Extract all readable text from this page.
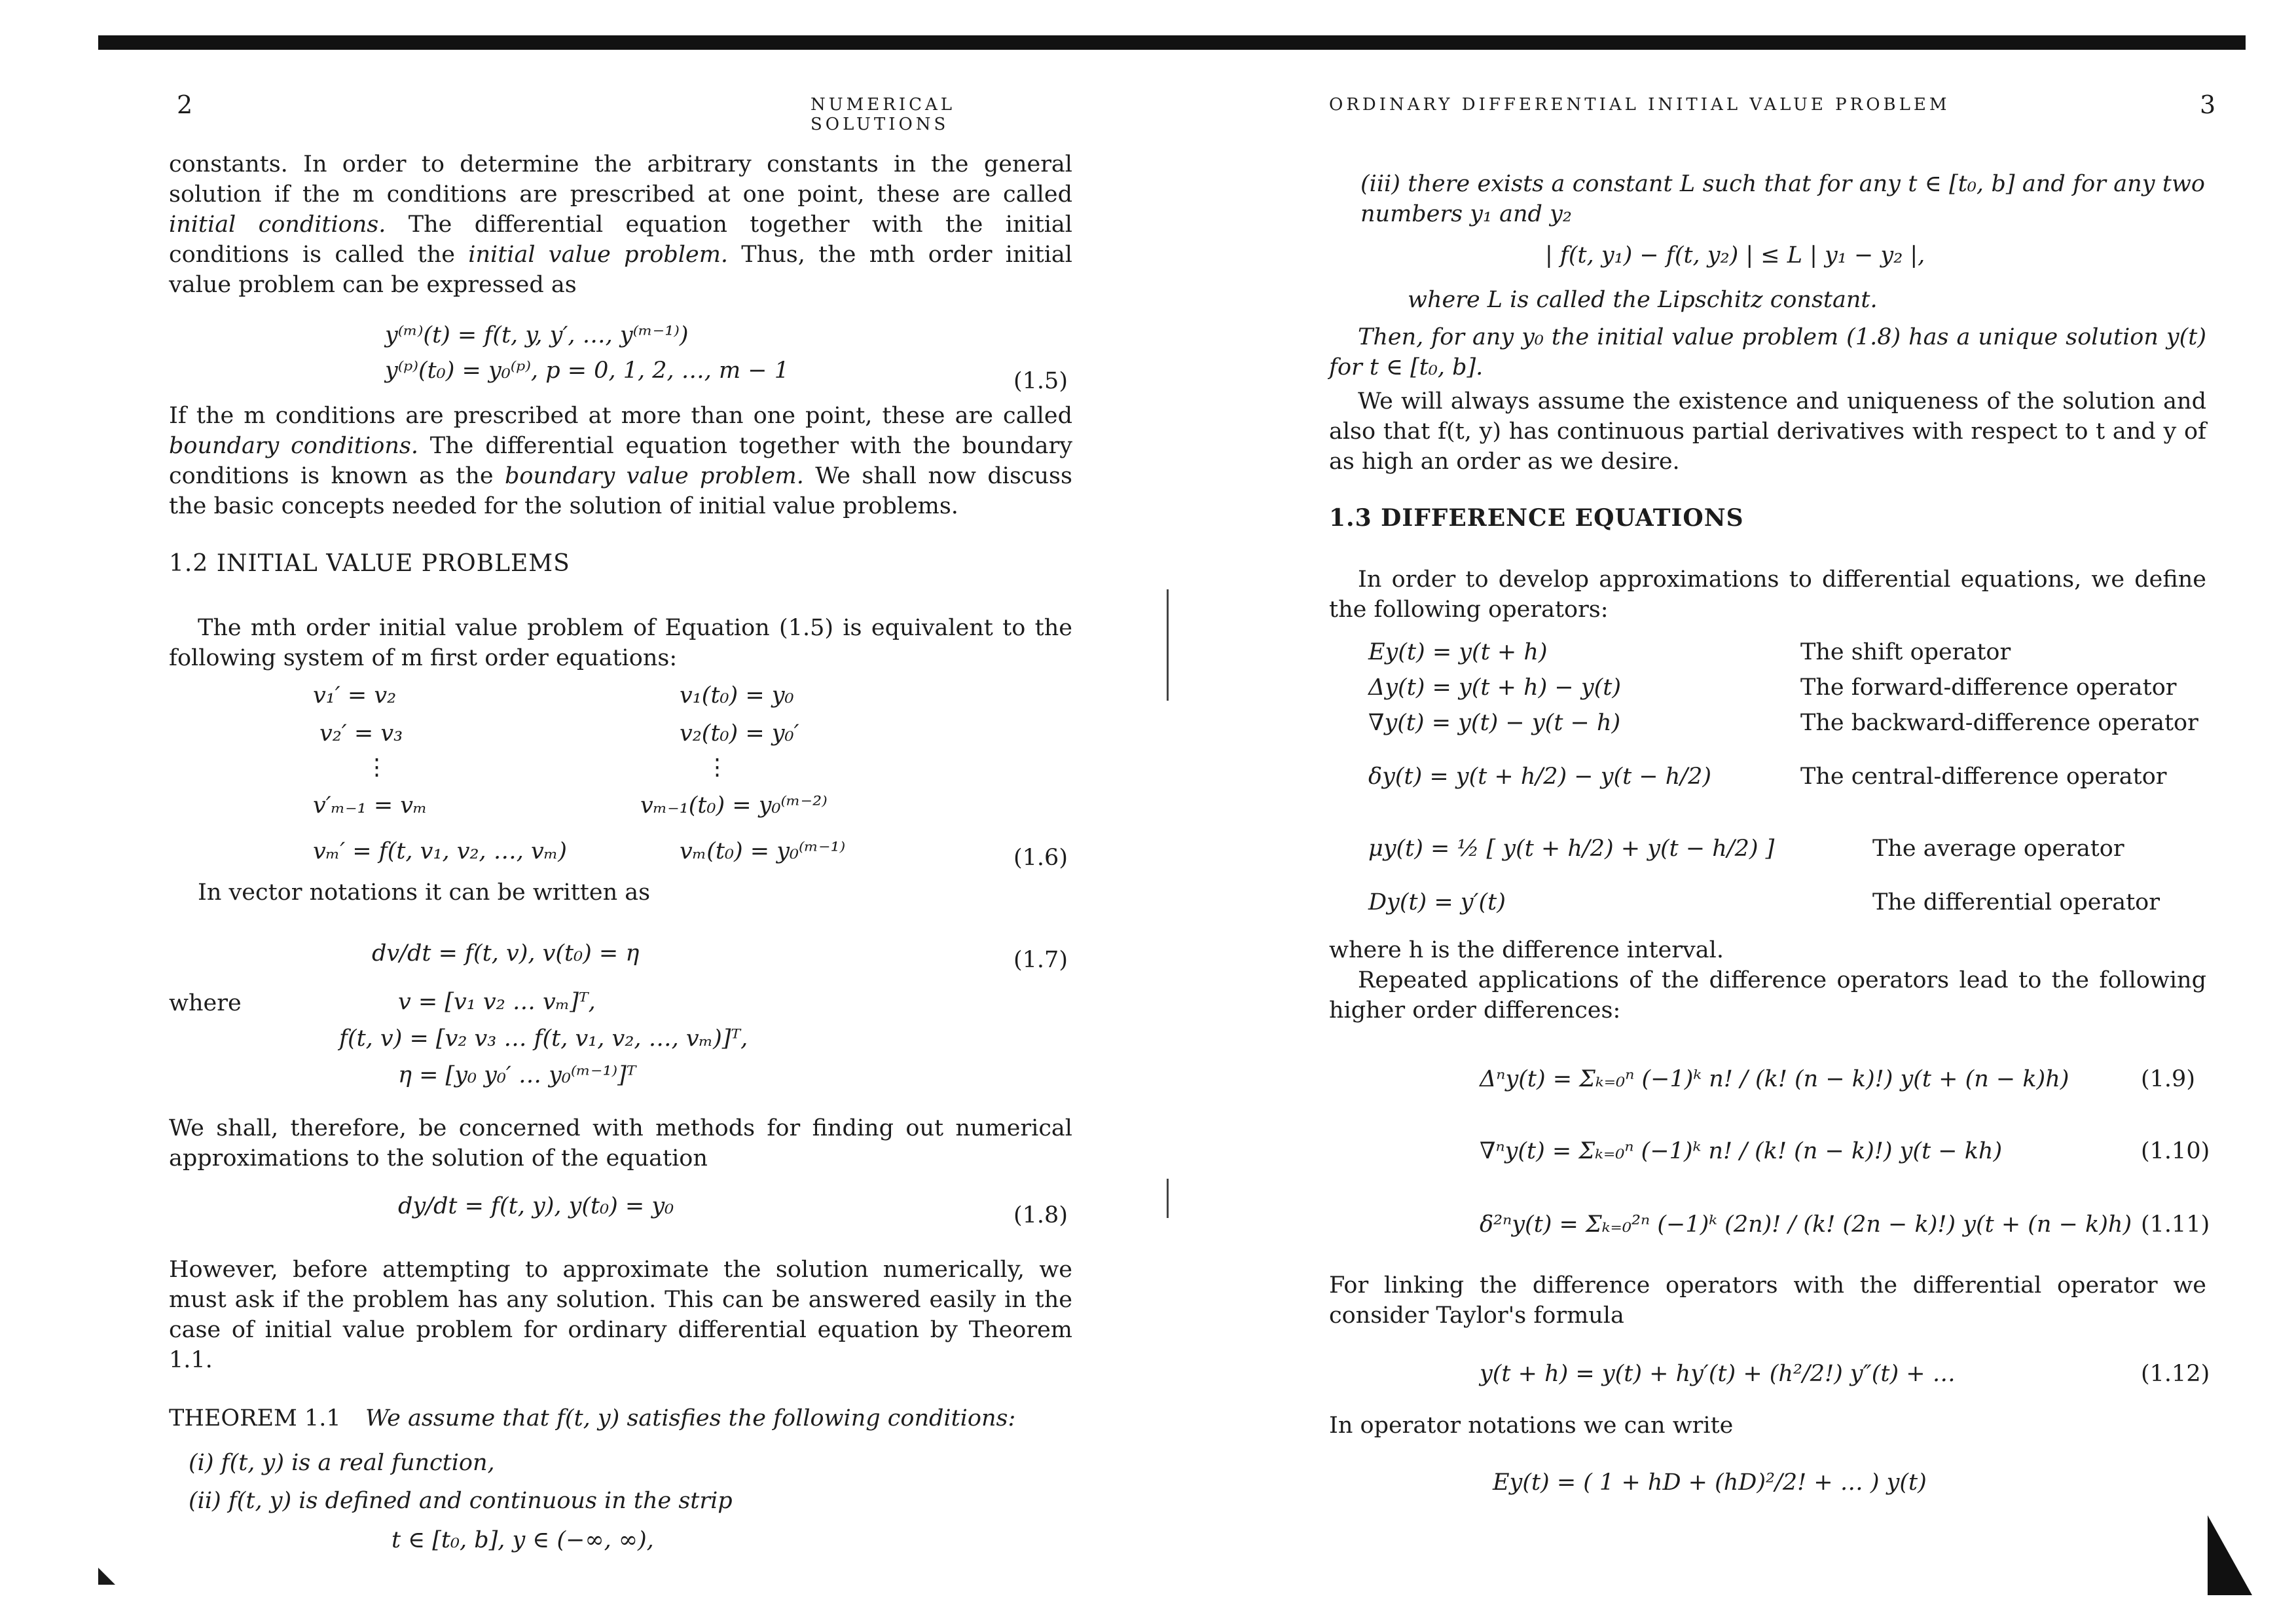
2	NUMERICAL SOLUTIONS

constants. In order to determine the arbitrary constants in the general solution if the m conditions are prescribed at one point, these are called initial conditions. The differential equation together with the initial conditions is called the initial value problem. Thus, the mth order initial value problem can be expressed as

y⁽ᵐ⁾(t) = f(t, y, y′, …, y⁽ᵐ⁻¹⁾)
y⁽ᵖ⁾(t₀) = y₀⁽ᵖ⁾, p = 0, 1, 2, …, m − 1	(1.5)

If the m conditions are prescribed at more than one point, these are called boundary conditions. The differential equation together with the boundary conditions is known as the boundary value problem. We shall now discuss the basic concepts needed for the solution of initial value problems.

1.2 INITIAL VALUE PROBLEMS

The mth order initial value problem of Equation (1.5) is equivalent to the following system of m first order equations:

v₁′ = v₂	v₁(t₀) = y₀
v₂′ = v₃	v₂(t₀) = y₀′
⋮	⋮
v′ₘ₋₁ = vₘ	vₘ₋₁(t₀) = y₀⁽ᵐ⁻²⁾
vₘ′ = f(t, v₁, v₂, …, vₘ)	vₘ(t₀) = y₀⁽ᵐ⁻¹⁾	(1.6)

In vector notations it can be written as

dv/dt = f(t, v), v(t₀) = η	(1.7)
where	v = [v₁ v₂ … vₘ]ᵀ,
f(t, v) = [v₂ v₃ … f(t, v₁, v₂, …, vₘ)]ᵀ,
η = [y₀ y₀′ … y₀⁽ᵐ⁻¹⁾]ᵀ

We shall, therefore, be concerned with methods for finding out numerical approximations to the solution of the equation

dy/dt = f(t, y), y(t₀) = y₀	(1.8)

However, before attempting to approximate the solution numerically, we must ask if the problem has any solution. This can be answered easily in the case of initial value problem for ordinary differential equation by Theorem 1.1.

THEOREM 1.1 We assume that f(t, y) satisfies the following conditions:
(i) f(t, y) is a real function,
(ii) f(t, y) is defined and continuous in the strip
t ∈ [t₀, b], y ∈ (−∞, ∞),
ORDINARY DIFFERENTIAL INITIAL VALUE PROBLEM	3

(iii) there exists a constant L such that for any t ∈ [t₀, b] and for any two numbers y₁ and y₂

| f(t, y₁) − f(t, y₂) | ≤ L | y₁ − y₂ |,
where L is called the Lipschitz constant.

Then, for any y₀ the initial value problem (1.8) has a unique solution y(t) for t ∈ [t₀, b].

We will always assume the existence and uniqueness of the solution and also that f(t, y) has continuous partial derivatives with respect to t and y of as high an order as we desire.

1.3 DIFFERENCE EQUATIONS

In order to develop approximations to differential equations, we define the following operators:

Ey(t) = y(t + h)	The shift operator
Δy(t) = y(t + h) − y(t)	The forward-difference operator
∇y(t) = y(t) − y(t − h)	The backward-difference operator
δy(t) = y(t + h/2) − y(t − h/2)	The central-difference operator
μy(t) = ½ [ y(t + h/2) + y(t − h/2) ]	The average operator
Dy(t) = y′(t)	The differential operator

where h is the difference interval.

Repeated applications of the difference operators lead to the following higher order differences:

Δⁿy(t) = Σₖ₌₀ⁿ (−1)ᵏ n! / (k! (n − k)!) y(t + (n − k)h)	(1.9)
∇ⁿy(t) = Σₖ₌₀ⁿ (−1)ᵏ n! / (k! (n − k)!) y(t − kh)	(1.10)
δ²ⁿy(t) = Σₖ₌₀²ⁿ (−1)ᵏ (2n)! / (k! (2n − k)!) y(t + (n − k)h) (1.11)

For linking the difference operators with the differential operator we consider Taylor's formula

y(t + h) = y(t) + hy′(t) + (h²/2!) y″(t) + …	(1.12)

In operator notations we can write

Ey(t) = ( 1 + hD + (hD)²/2! + … ) y(t)
